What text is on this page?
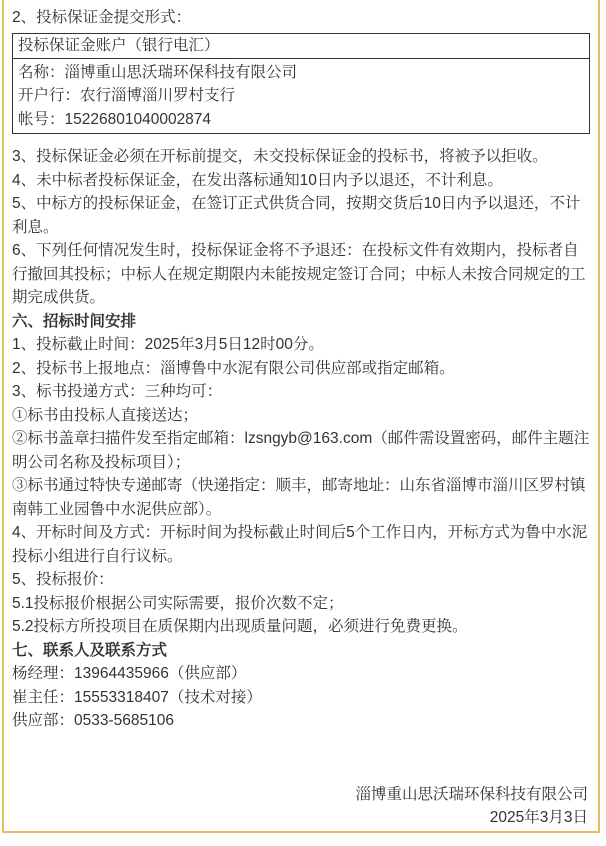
2、投标保证金提交形式：

投标保证金账户（银行电汇）

名称：淄博重山思沃瑞环保科技有限公司
开户行：农行淄博淄川罗村支行
帐号：15226801040002874

3、投标保证金必须在开标前提交，未交投标保证金的投标书，将被予以拒收。

4、未中标者投标保证金，在发出落标通知10日内予以退还，不计利息。

5、中标方的投标保证金，在签订正式供货合同，按期交货后10日内予以退还，不计利息。

6、下列任何情况发生时，投标保证金将不予退还：在投标文件有效期内，投标者自行撤回其投标；中标人在规定期限内未能按规定签订合同；中标人未按合同规定的工期完成供货。

六、招标时间安排

1、投标截止时间：2025年3月5日12时00分。

2、投标书上报地点：淄博鲁中水泥有限公司供应部或指定邮箱。

3、标书投递方式：三种均可：

①标书由投标人直接送达；

②标书盖章扫描件发至指定邮箱：lzsngyb@163.com（邮件需设置密码，邮件主题注明公司名称及投标项目）；

③标书通过特快专递邮寄（快递指定：顺丰，邮寄地址：山东省淄博市淄川区罗村镇南韩工业园鲁中水泥供应部）。

4、开标时间及方式：开标时间为投标截止时间后5个工作日内，开标方式为鲁中水泥投标小组进行自行议标。

5、投标报价：

5.1投标报价根据公司实际需要，报价次数不定；

5.2投标方所投项目在质保期内出现质量问题，必须进行免费更换。

七、联系人及联系方式

杨经理：13964435966（供应部）

崔主任：15553318407（技术对接）

供应部：0533-5685106

淄博重山思沃瑞环保科技有限公司

2025年3月3日
